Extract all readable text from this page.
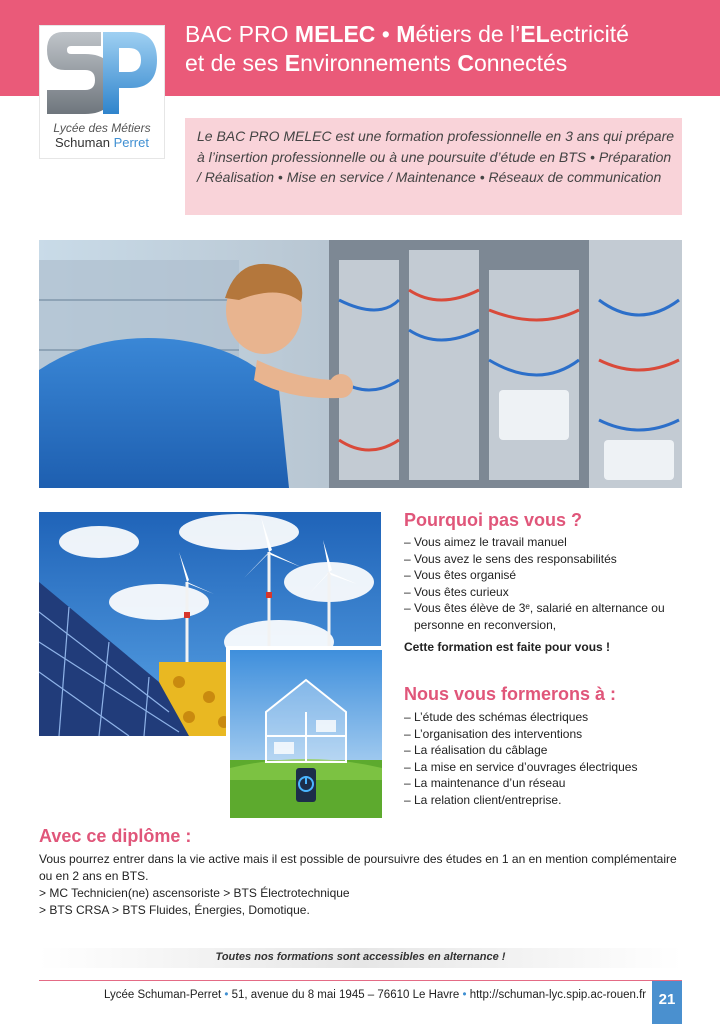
Lycée des Métiers
Schuman Perret
BAC PRO MELEC • Métiers de l’ELectricité
et de ses Environnements Connectés
Le BAC PRO MELEC est une formation professionnelle en 3 ans qui prépare à l’insertion professionnelle ou à une poursuite d’étude en BTS • Préparation / Réalisation • Mise en service / Maintenance • Réseaux de communication
Pourquoi pas vous ?
– Vous aimez le travail manuel
– Vous avez le sens des responsabilités
– Vous êtes organisé
– Vous êtes curieux
– Vous êtes élève de 3ᵉ, salarié en alternance ou
personne en reconversion,
Cette formation est faite pour vous !
Nous vous formerons à :
– L’étude des schémas électriques
– L’organisation des interventions
– La réalisation du câblage
– La mise en service d’ouvrages électriques
– La maintenance d’un réseau
– La relation client/entreprise.
Avec ce diplôme :

Vous pourrez entrer dans la vie active mais il est possible de poursuivre des études en 1 an en mention complémentaire ou en 2 ans en BTS.

> MC Technicien(ne) ascensoriste > BTS Électrotechnique

> BTS CRSA > BTS Fluides, Énergies, Domotique.

Toutes nos formations sont accessibles en alternance !
Lycée Schuman-Perret • 51, avenue du 8 mai 1945 – 76610 Le Havre • http://schuman-lyc.spip.ac-rouen.fr 21
